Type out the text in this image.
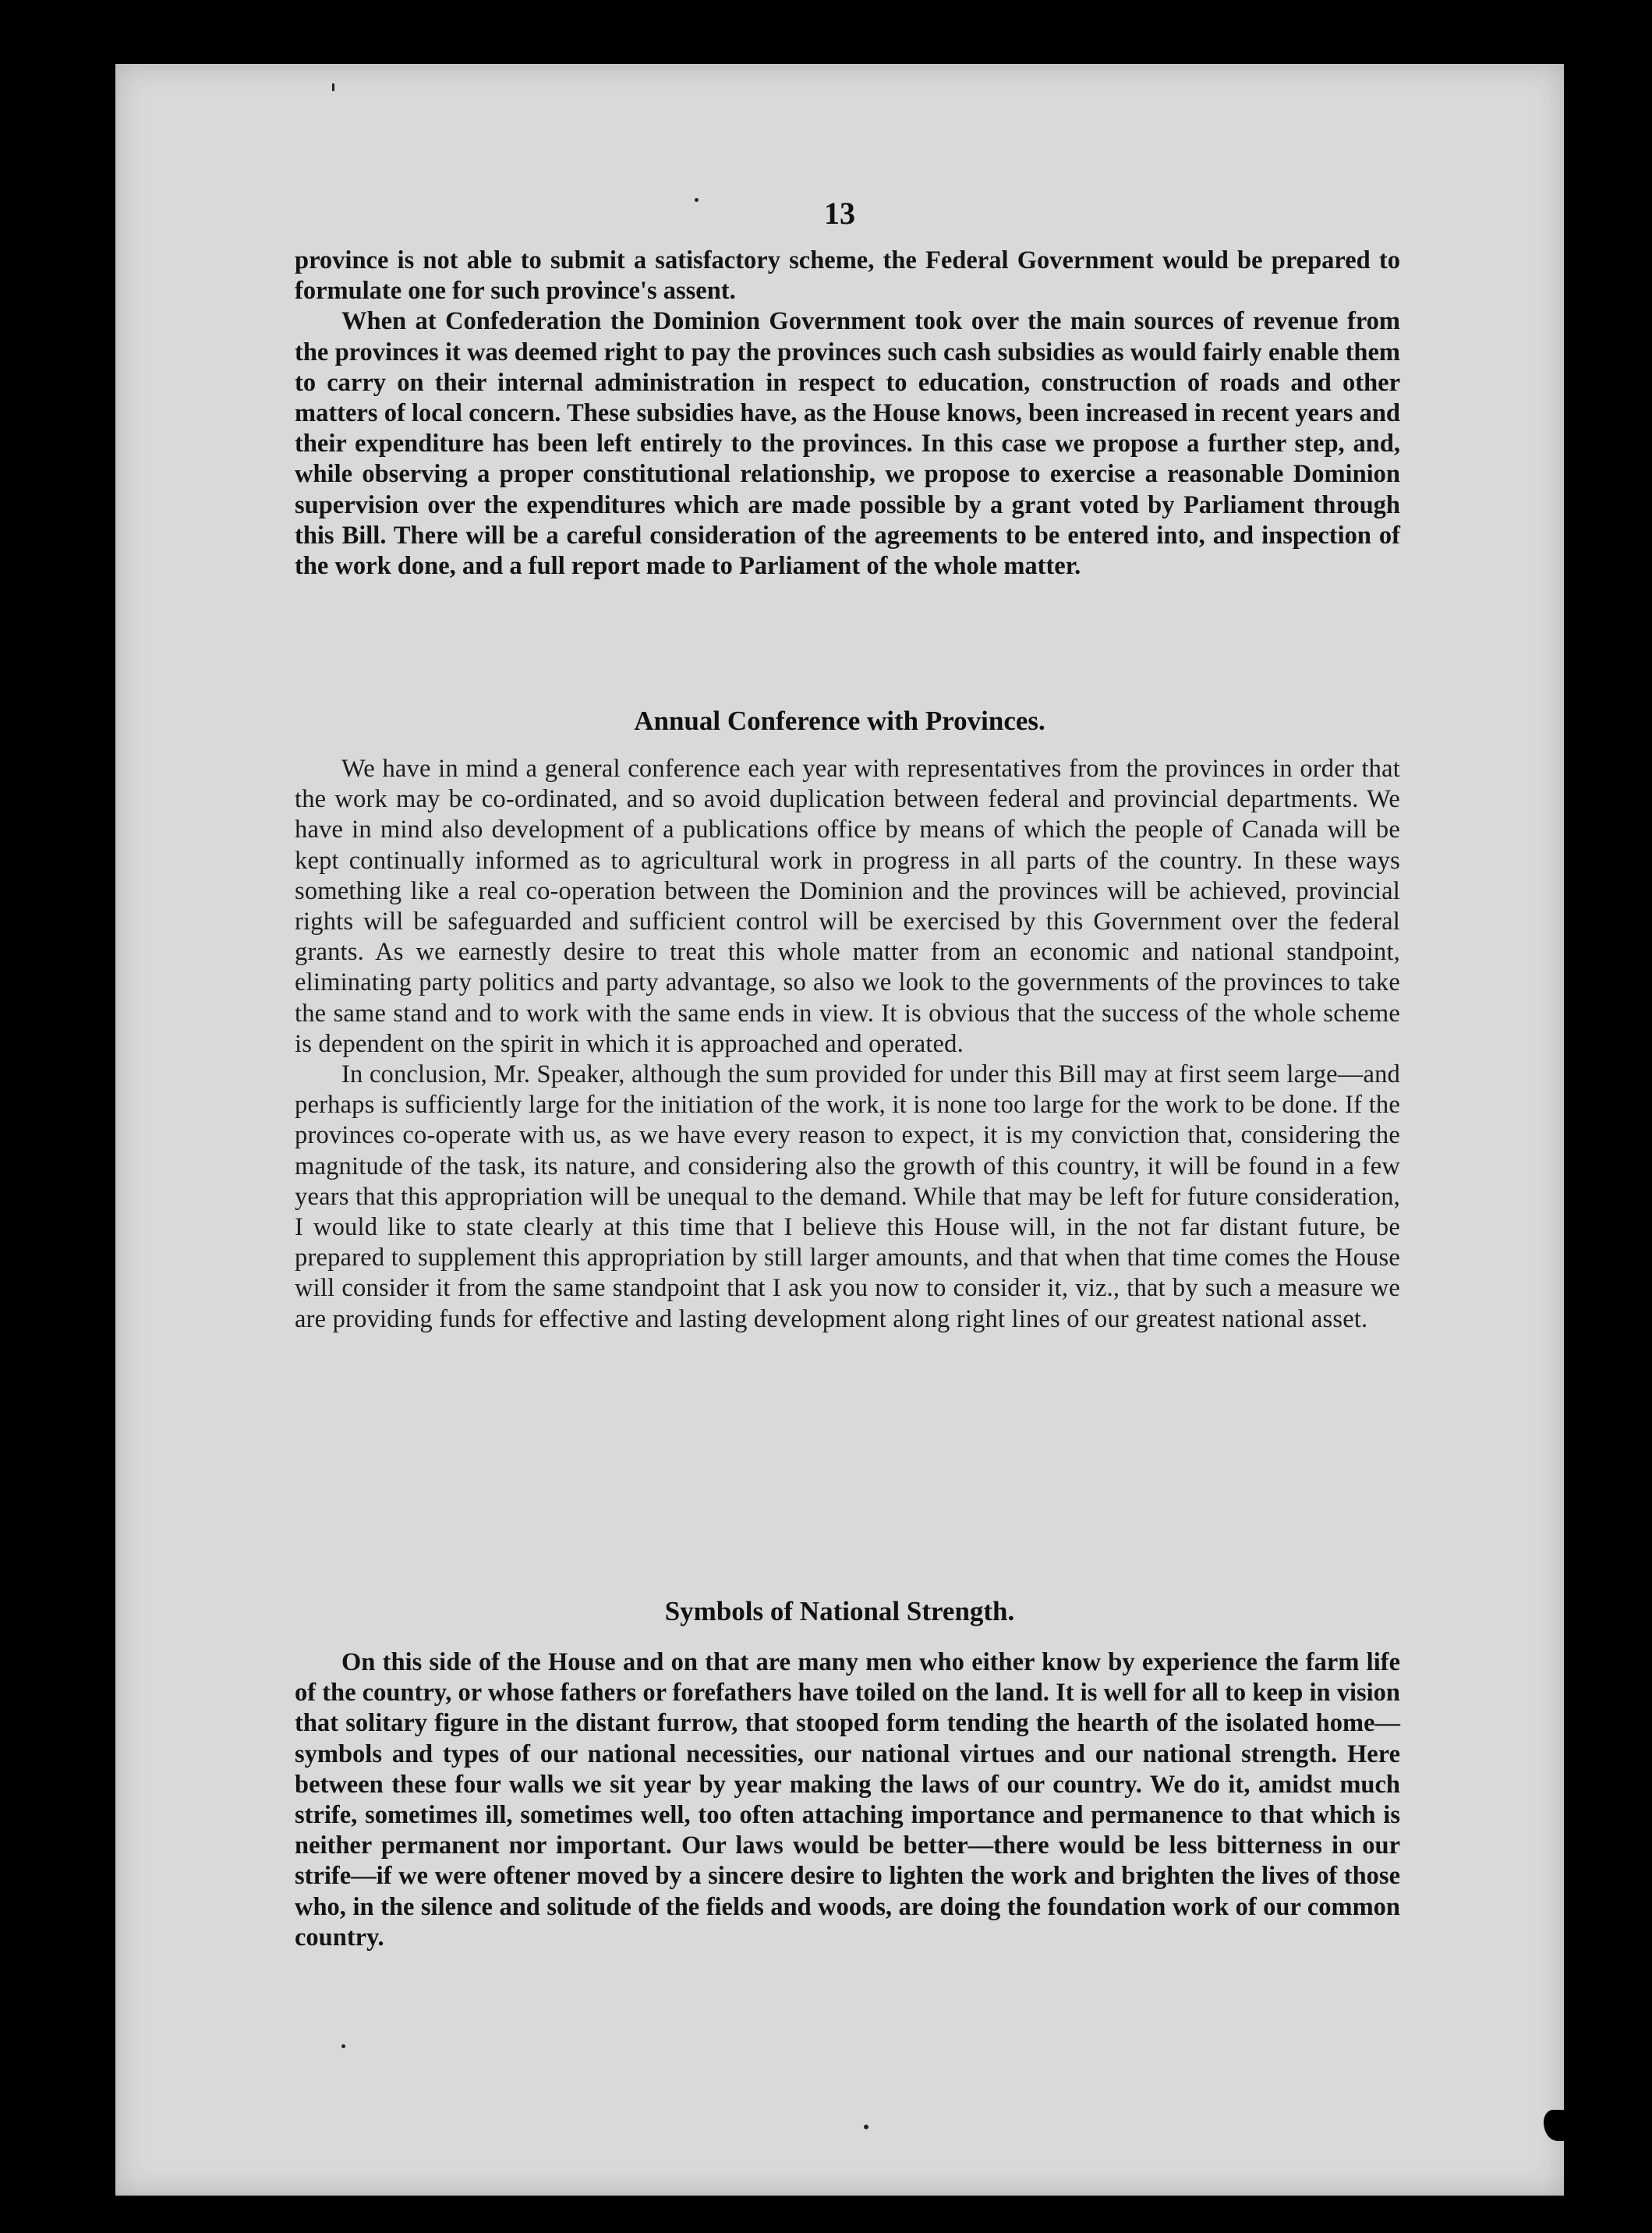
13

province is not able to submit a satisfactory scheme, the Federal Government would be prepared to formulate one for such province's assent.

When at Confederation the Dominion Government took over the main sources of revenue from the provinces it was deemed right to pay the provinces such cash subsidies as would fairly enable them to carry on their internal administration in respect to education, construction of roads and other matters of local concern. These subsidies have, as the House knows, been increased in recent years and their expenditure has been left entirely to the provinces. In this case we propose a further step, and, while observing a proper constitutional relationship, we propose to exercise a reasonable Dominion supervision over the expenditures which are made possible by a grant voted by Parliament through this Bill. There will be a careful consideration of the agreements to be entered into, and inspection of the work done, and a full report made to Parliament of the whole matter.

Annual Conference with Provinces.

We have in mind a general conference each year with representatives from the provinces in order that the work may be co-ordinated, and so avoid duplication between federal and provincial departments. We have in mind also development of a publications office by means of which the people of Canada will be kept continually informed as to agricultural work in progress in all parts of the country. In these ways something like a real co-operation between the Dominion and the provinces will be achieved, provincial rights will be safeguarded and sufficient control will be exercised by this Government over the federal grants. As we earnestly desire to treat this whole matter from an economic and national standpoint, eliminating party politics and party advantage, so also we look to the governments of the provinces to take the same stand and to work with the same ends in view. It is obvious that the success of the whole scheme is dependent on the spirit in which it is approached and operated.

In conclusion, Mr. Speaker, although the sum provided for under this Bill may at first seem large—and perhaps is sufficiently large for the initiation of the work, it is none too large for the work to be done. If the provinces co-operate with us, as we have every reason to expect, it is my conviction that, considering the magnitude of the task, its nature, and considering also the growth of this country, it will be found in a few years that this appropriation will be unequal to the demand. While that may be left for future consideration, I would like to state clearly at this time that I believe this House will, in the not far distant future, be prepared to supplement this appropriation by still larger amounts, and that when that time comes the House will consider it from the same standpoint that I ask you now to consider it, viz., that by such a measure we are providing funds for effective and lasting development along right lines of our greatest national asset.

Symbols of National Strength.

On this side of the House and on that are many men who either know by experience the farm life of the country, or whose fathers or forefathers have toiled on the land. It is well for all to keep in vision that solitary figure in the distant furrow, that stooped form tending the hearth of the isolated home—symbols and types of our national necessities, our national virtues and our national strength. Here between these four walls we sit year by year making the laws of our country. We do it, amidst much strife, sometimes ill, sometimes well, too often attaching importance and permanence to that which is neither permanent nor important. Our laws would be better—there would be less bitterness in our strife—if we were oftener moved by a sincere desire to lighten the work and brighten the lives of those who, in the silence and solitude of the fields and woods, are doing the foundation work of our common country.
